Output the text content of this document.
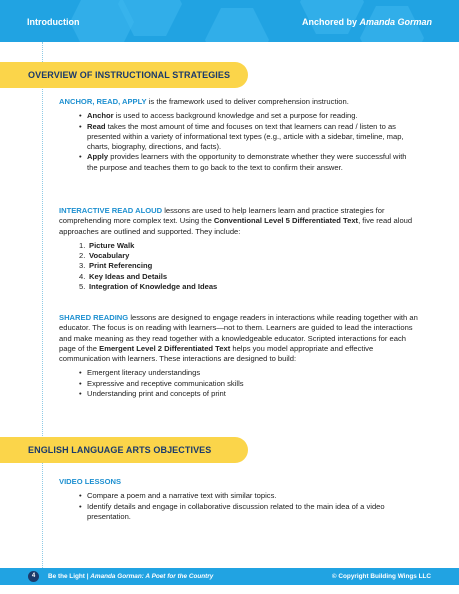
Introduction	Anchored by Amanda Gorman
OVERVIEW OF INSTRUCTIONAL STRATEGIES
ANCHOR, READ, APPLY is the framework used to deliver comprehension instruction.
• Anchor is used to access background knowledge and set a purpose for reading.
• Read takes the most amount of time and focuses on text that learners can read / listen to as presented within a variety of informational text types (e.g., article with a sidebar, timeline, map, charts, biography, directions, and facts).
• Apply provides learners with the opportunity to demonstrate whether they were successful with the purpose and teaches them to go back to the text to confirm their answer.
INTERACTIVE READ ALOUD lessons are used to help learners learn and practice strategies for comprehending more complex text. Using the Conventional Level 5 Differentiated Text, five read aloud approaches are outlined and supported. They include:
1. Picture Walk
2. Vocabulary
3. Print Referencing
4. Key Ideas and Details
5. Integration of Knowledge and Ideas
SHARED READING lessons are designed to engage readers in interactions while reading together with an educator. The focus is on reading with learners—not to them. Learners are guided to lead the interactions and make meaning as they read together with a knowledgeable educator. Scripted interactions for each page of the Emergent Level 2 Differentiated Text helps you model appropriate and effective communication with learners. These interactions are designed to build:
• Emergent literacy understandings
• Expressive and receptive communication skills
• Understanding print and concepts of print
ENGLISH LANGUAGE ARTS OBJECTIVES
VIDEO LESSONS
• Compare a poem and a narrative text with similar topics.
• Identify details and engage in collaborative discussion related to the main idea of a video presentation.
4	Be the Light | Amanda Gorman: A Poet for the Country	© Copyright Building Wings LLC
